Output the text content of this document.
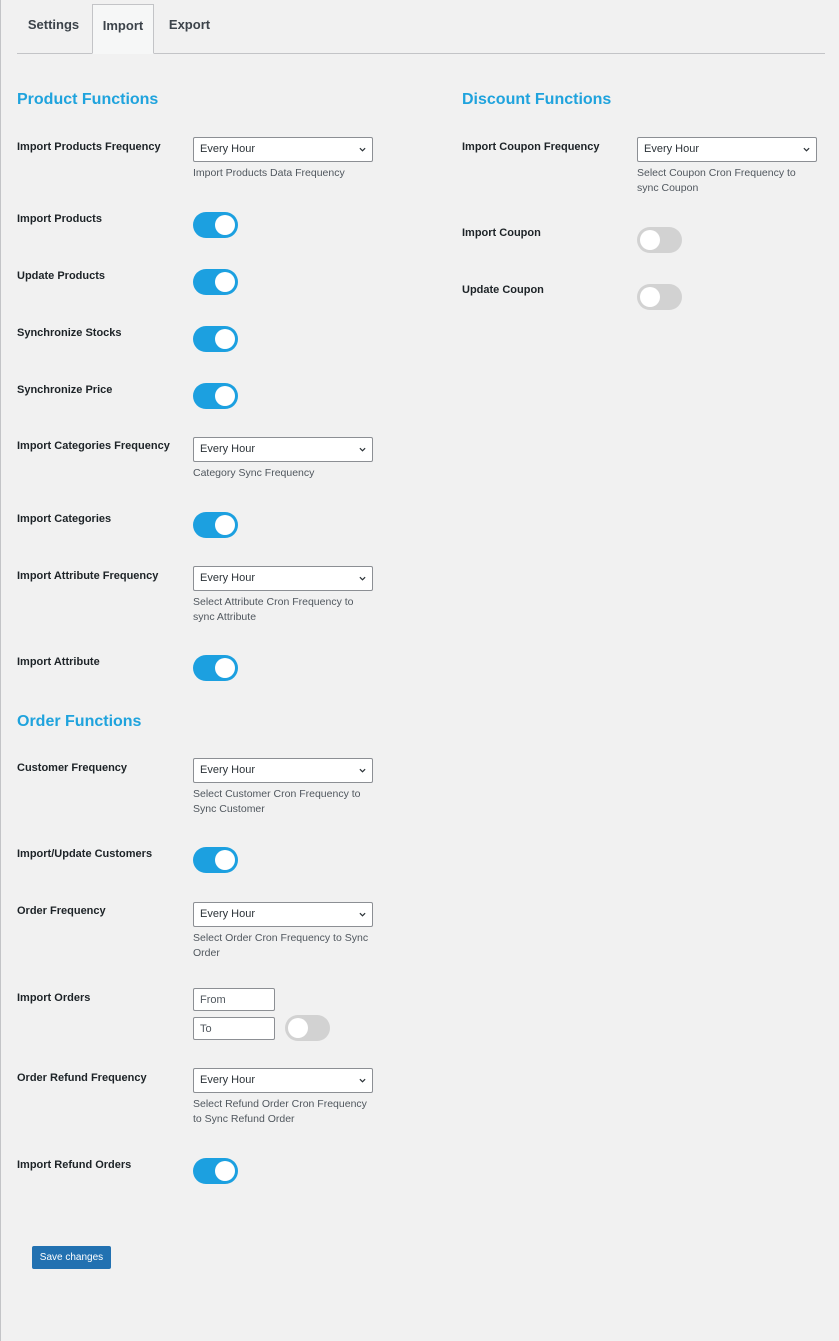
Settings	Import	Export
Product Functions
Import Products Frequency	Every Hour
Import Products Data Frequency
Import Products
Update Products
Synchronize Stocks
Synchronize Price
Import Categories Frequency	Every Hour
Category Sync Frequency
Import Categories
Import Attribute Frequency	Every Hour
Select Attribute Cron Frequency to sync Attribute
Import Attribute
Discount Functions
Import Coupon Frequency	Every Hour
Select Coupon Cron Frequency to sync Coupon
Import Coupon
Update Coupon
Order Functions
Customer Frequency	Every Hour
Select Customer Cron Frequency to Sync Customer
Import/Update Customers
Order Frequency	Every Hour
Select Order Cron Frequency to Sync Order
Import Orders
From
To
Order Refund Frequency	Every Hour
Select Refund Order Cron Frequency to Sync Refund Order
Import Refund Orders
Save changes
